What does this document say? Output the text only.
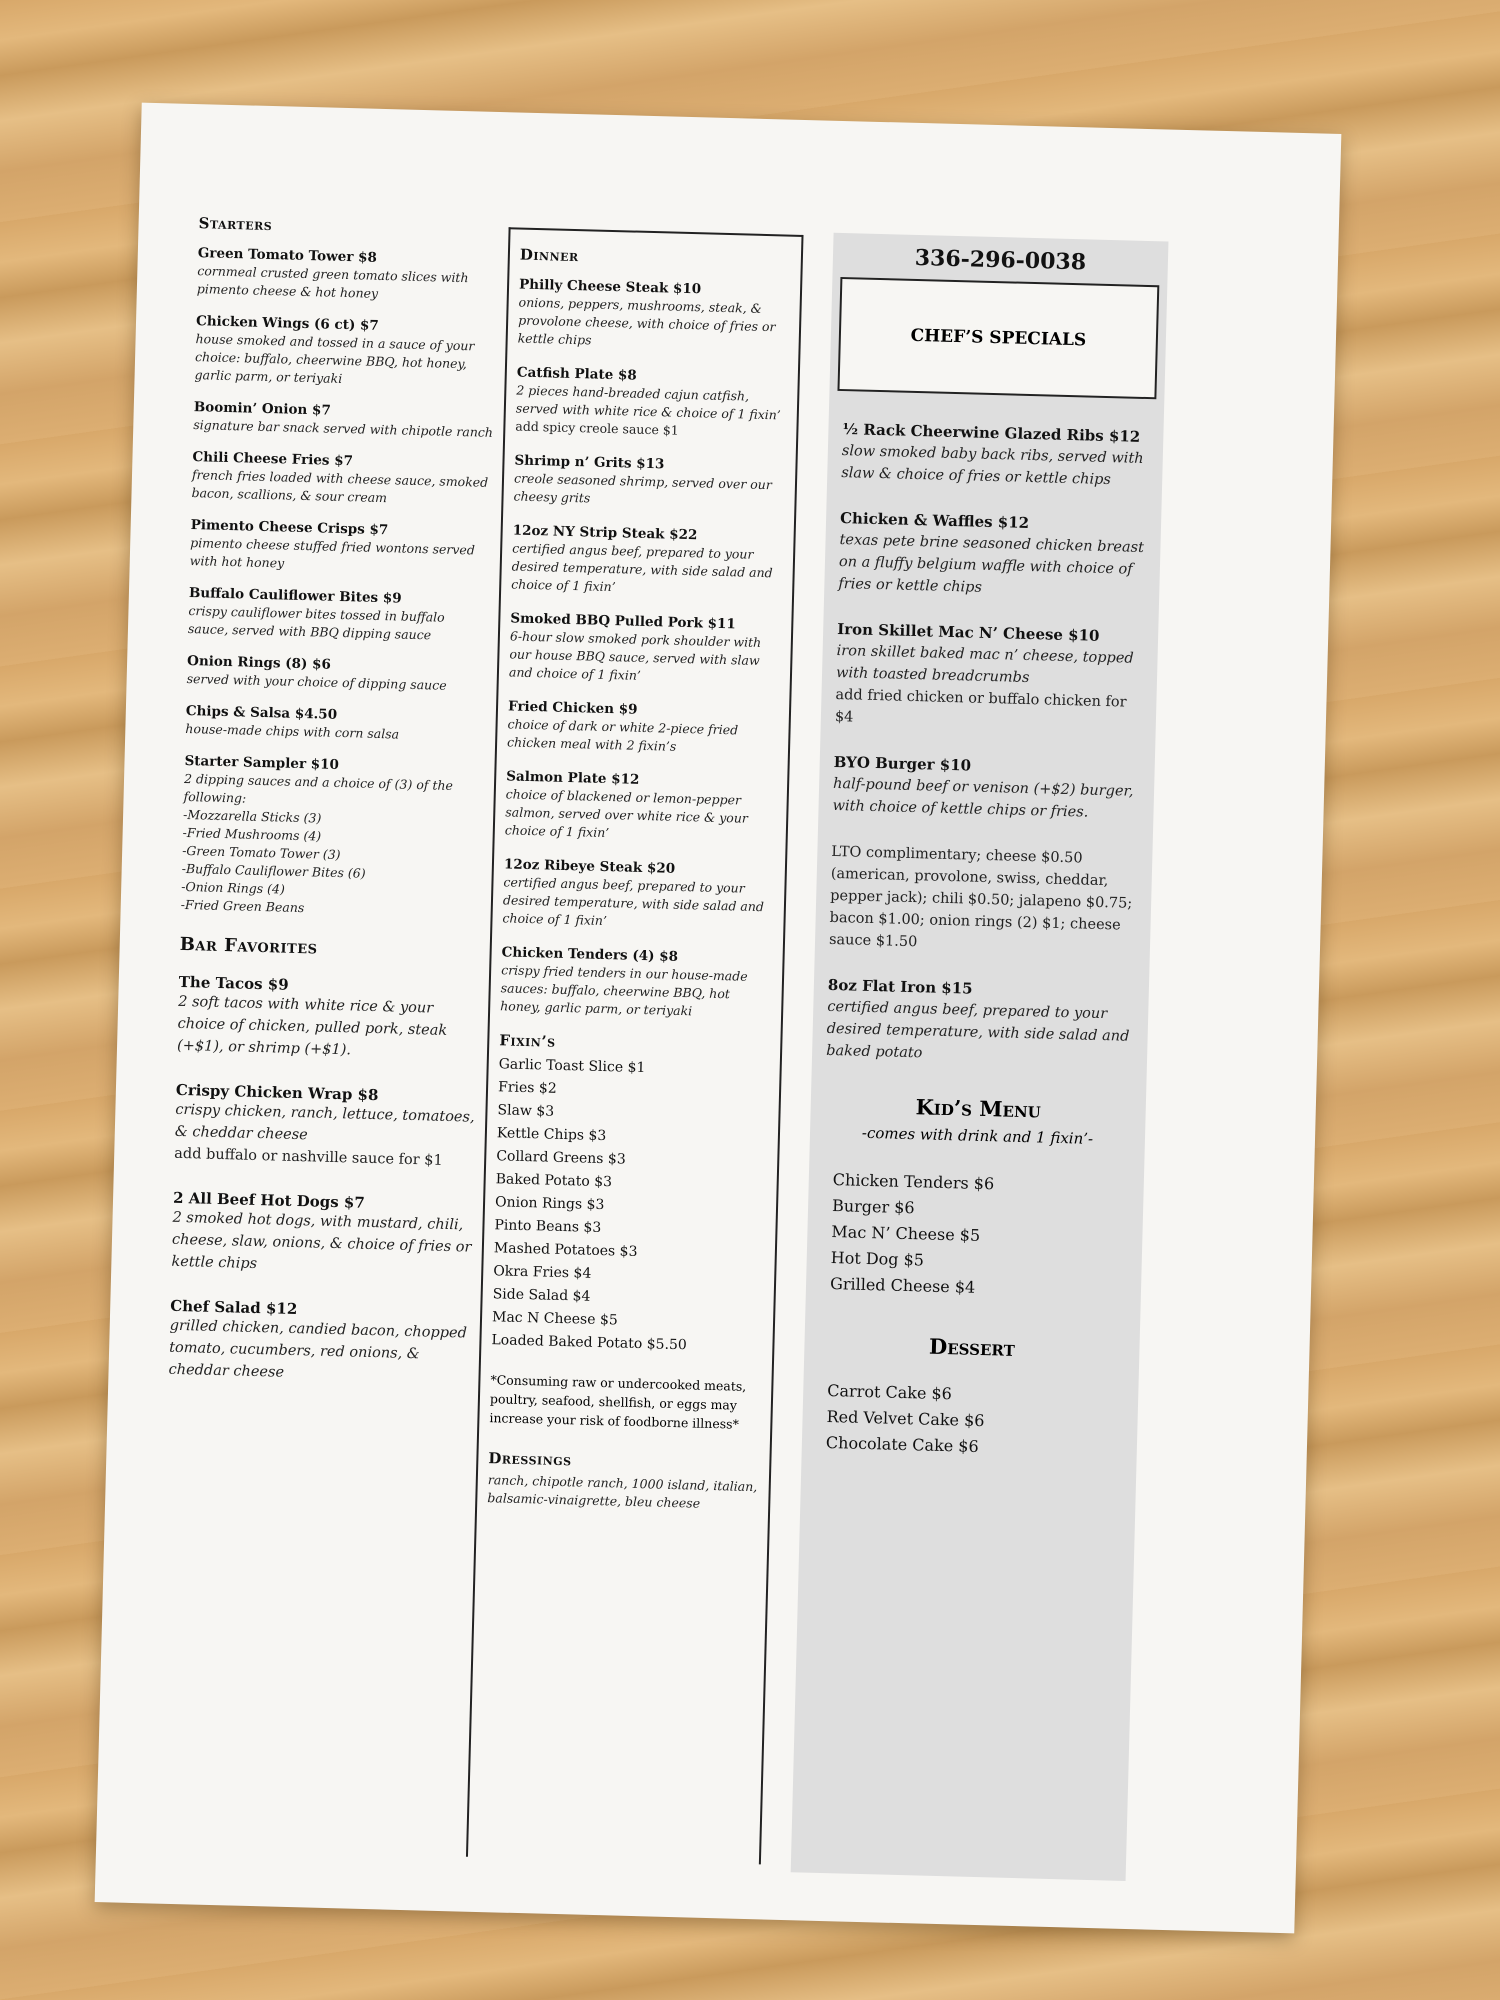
Starters
Green Tomato Tower $8
cornmeal crusted green tomato slices with pimento cheese & hot honey
Chicken Wings (6 ct) $7
house smoked and tossed in a sauce of your choice: buffalo, cheerwine BBQ, hot honey, garlic parm, or teriyaki
Boomin’ Onion $7
signature bar snack served with chipotle ranch
Chili Cheese Fries $7
french fries loaded with cheese sauce, smoked bacon, scallions, & sour cream
Pimento Cheese Crisps $7
pimento cheese stuffed fried wontons served with hot honey
Buffalo Cauliflower Bites $9
crispy cauliflower bites tossed in buffalo sauce, served with BBQ dipping sauce
Onion Rings (8) $6
served with your choice of dipping sauce
Chips & Salsa $4.50
house-made chips with corn salsa
Starter Sampler $10
2 dipping sauces and a choice of (3) of the following:
-Mozzarella Sticks (3)
-Fried Mushrooms (4)
-Green Tomato Tower (3)
-Buffalo Cauliflower Bites (6)
-Onion Rings (4)
-Fried Green Beans
Bar Favorites
The Tacos $9
2 soft tacos with white rice & your choice of chicken, pulled pork, steak (+$1), or shrimp (+$1).
Crispy Chicken Wrap $8
crispy chicken, ranch, lettuce, tomatoes, & cheddar cheese
add buffalo or nashville sauce for $1
2 All Beef Hot Dogs $7
2 smoked hot dogs, with mustard, chili, cheese, slaw, onions, & choice of fries or kettle chips
Chef Salad $12
grilled chicken, candied bacon, chopped tomato, cucumbers, red onions, & cheddar cheese
Dinner
Philly Cheese Steak $10
onions, peppers, mushrooms, steak, & provolone cheese, with choice of fries or kettle chips
Catfish Plate $8
2 pieces hand-breaded cajun catfish, served with white rice & choice of 1 fixin’
add spicy creole sauce $1
Shrimp n’ Grits $13
creole seasoned shrimp, served over our cheesy grits
12oz NY Strip Steak $22
certified angus beef, prepared to your desired temperature, with side salad and choice of 1 fixin’
Smoked BBQ Pulled Pork $11
6-hour slow smoked pork shoulder with our house BBQ sauce, served with slaw and choice of 1 fixin’
Fried Chicken $9
choice of dark or white 2-piece fried chicken meal with 2 fixin’s
Salmon Plate $12
choice of blackened or lemon-pepper salmon, served over white rice & your choice of 1 fixin’
12oz Ribeye Steak $20
certified angus beef, prepared to your desired temperature, with side salad and choice of 1 fixin’
Chicken Tenders (4) $8
crispy fried tenders in our house-made sauces: buffalo, cheerwine BBQ, hot honey, garlic parm, or teriyaki
Fixin’s
Garlic Toast Slice $1
Fries $2
Slaw $3
Kettle Chips $3
Collard Greens $3
Baked Potato $3
Onion Rings $3
Pinto Beans $3
Mashed Potatoes $3
Okra Fries $4
Side Salad $4
Mac N Cheese $5
Loaded Baked Potato $5.50
*Consuming raw or undercooked meats, poultry, seafood, shellfish, or eggs may increase your risk of foodborne illness*
Dressings
ranch, chipotle ranch, 1000 island, italian, balsamic-vinaigrette, bleu cheese
336-296-0038
CHEF’S SPECIALS
½ Rack Cheerwine Glazed Ribs $12
slow smoked baby back ribs, served with slaw & choice of fries or kettle chips
Chicken & Waffles $12
texas pete brine seasoned chicken breast on a fluffy belgium waffle with choice of fries or kettle chips
Iron Skillet Mac N’ Cheese $10
iron skillet baked mac n’ cheese, topped with toasted breadcrumbs
add fried chicken or buffalo chicken for $4
BYO Burger $10
half-pound beef or venison (+$2) burger, with choice of kettle chips or fries.
LTO complimentary; cheese $0.50 (american, provolone, swiss, cheddar, pepper jack); chili $0.50; jalapeno $0.75; bacon $1.00; onion rings (2) $1; cheese sauce $1.50
8oz Flat Iron $15
certified angus beef, prepared to your desired temperature, with side salad and baked potato
Kid’s Menu
-comes with drink and 1 fixin’-
Chicken Tenders $6
Burger $6
Mac N’ Cheese $5
Hot Dog $5
Grilled Cheese $4
Dessert
Carrot Cake $6
Red Velvet Cake $6
Chocolate Cake $6
